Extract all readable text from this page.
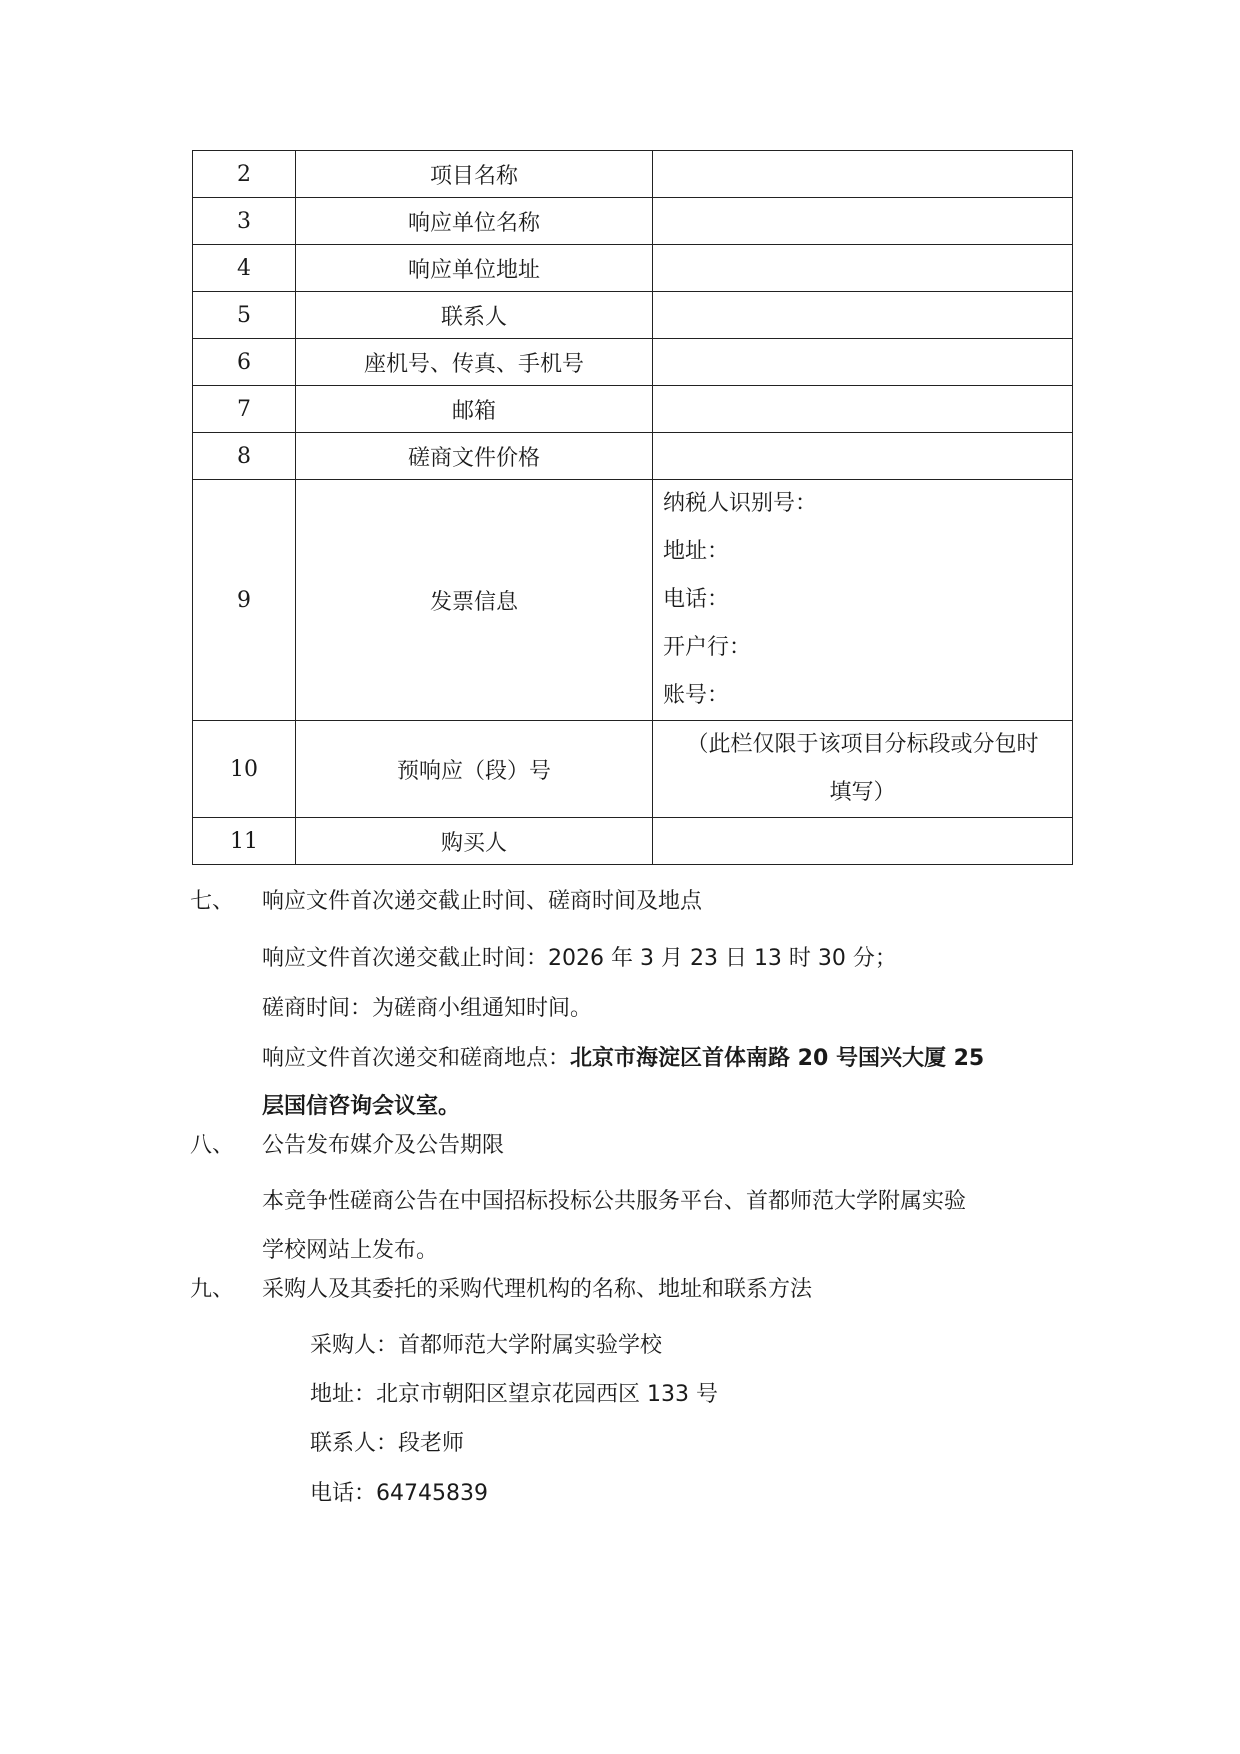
2	项目名称	
3	响应单位名称	
4	响应单位地址	
5	联系人	
6	座机号、传真、手机号	
7	邮箱	
8	磋商文件价格	
9	发票信息	纳税人识别号：
地址：
电话：
开户行：
账号：

10	预响应（段）号	（此栏仅限于该项目分标段或分包时
填写）

11	购买人	
七、 响应文件首次递交截止时间、磋商时间及地点
响应文件首次递交截止时间：2026 年 3 月 23 日 13 时 30 分；
磋商时间：为磋商小组通知时间。
响应文件首次递交和磋商地点：北京市海淀区首体南路 20 号国兴大厦 25
层国信咨询会议室。
八、 公告发布媒介及公告期限
本竞争性磋商公告在中国招标投标公共服务平台、首都师范大学附属实验
学校网站上发布。
九、 采购人及其委托的采购代理机构的名称、地址和联系方法
采购人：首都师范大学附属实验学校
地址：北京市朝阳区望京花园西区 133 号
联系人：段老师
电话：64745839
